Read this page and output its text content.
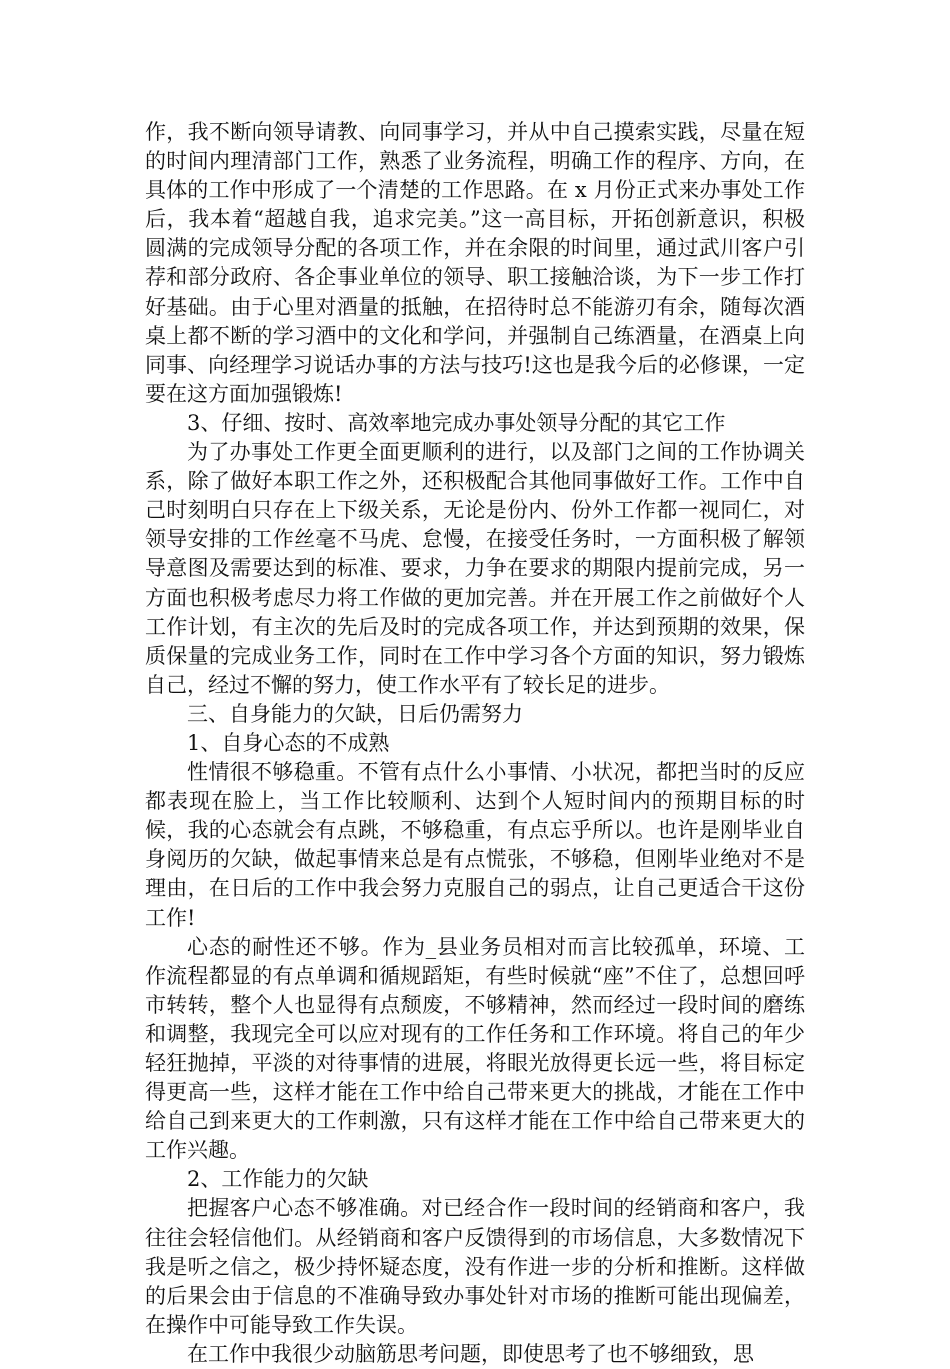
作，我不断向领导请教、向同事学习，并从中自己摸索实践，尽量在短的时间内理清部门工作，熟悉了业务流程，明确工作的程序、方向，在具体的工作中形成了一个清楚的工作思路。在 x 月份正式来办事处工作后，我本着“超越自我，追求完美。”这一高目标，开拓创新意识，积极圆满的完成领导分配的各项工作，并在余限的时间里，通过武川客户引荐和部分政府、各企事业单位的领导、职工接触洽谈，为下一步工作打好基础。由于心里对酒量的抵触，在招待时总不能游刃有余，随每次酒桌上都不断的学习酒中的文化和学问，并强制自己练酒量，在酒桌上向同事、向经理学习说话办事的方法与技巧!这也是我今后的必修课，一定要在这方面加强锻炼!

3、仔细、按时、高效率地完成办事处领导分配的其它工作

为了办事处工作更全面更顺利的进行，以及部门之间的工作协调关系，除了做好本职工作之外，还积极配合其他同事做好工作。工作中自己时刻明白只存在上下级关系，无论是份内、份外工作都一视同仁，对领导安排的工作丝毫不马虎、怠慢，在接受任务时，一方面积极了解领导意图及需要达到的标准、要求，力争在要求的期限内提前完成，另一方面也积极考虑尽力将工作做的更加完善。并在开展工作之前做好个人工作计划，有主次的先后及时的完成各项工作，并达到预期的效果，保质保量的完成业务工作，同时在工作中学习各个方面的知识，努力锻炼自己，经过不懈的努力，使工作水平有了较长足的进步。

三、自身能力的欠缺，日后仍需努力

1、自身心态的不成熟

性情很不够稳重。不管有点什么小事情、小状况，都把当时的反应都表现在脸上，当工作比较顺利、达到个人短时间内的预期目标的时候，我的心态就会有点跳，不够稳重，有点忘乎所以。也许是刚毕业自身阅历的欠缺，做起事情来总是有点慌张，不够稳，但刚毕业绝对不是理由，在日后的工作中我会努力克服自己的弱点，让自己更适合干这份工作!

心态的耐性还不够。作为_县业务员相对而言比较孤单，环境、工作流程都显的有点单调和循规蹈矩，有些时候就“座”不住了，总想回呼市转转，整个人也显得有点颓废，不够精神，然而经过一段时间的磨练和调整，我现完全可以应对现有的工作任务和工作环境。将自己的年少轻狂抛掉，平淡的对待事情的进展，将眼光放得更长远一些，将目标定得更高一些，这样才能在工作中给自己带来更大的挑战，才能在工作中给自己到来更大的工作刺激，只有这样才能在工作中给自己带来更大的工作兴趣。

2、工作能力的欠缺

把握客户心态不够准确。对已经合作一段时间的经销商和客户，我往往会轻信他们。从经销商和客户反馈得到的市场信息，大多数情况下我是听之信之，极少持怀疑态度，没有作进一步的分析和推断。这样做的后果会由于信息的不准确导致办事处针对市场的推断可能出现偏差，在操作中可能导致工作失误。

在工作中我很少动脑筋思考问题，即使思考了也不够细致，思
